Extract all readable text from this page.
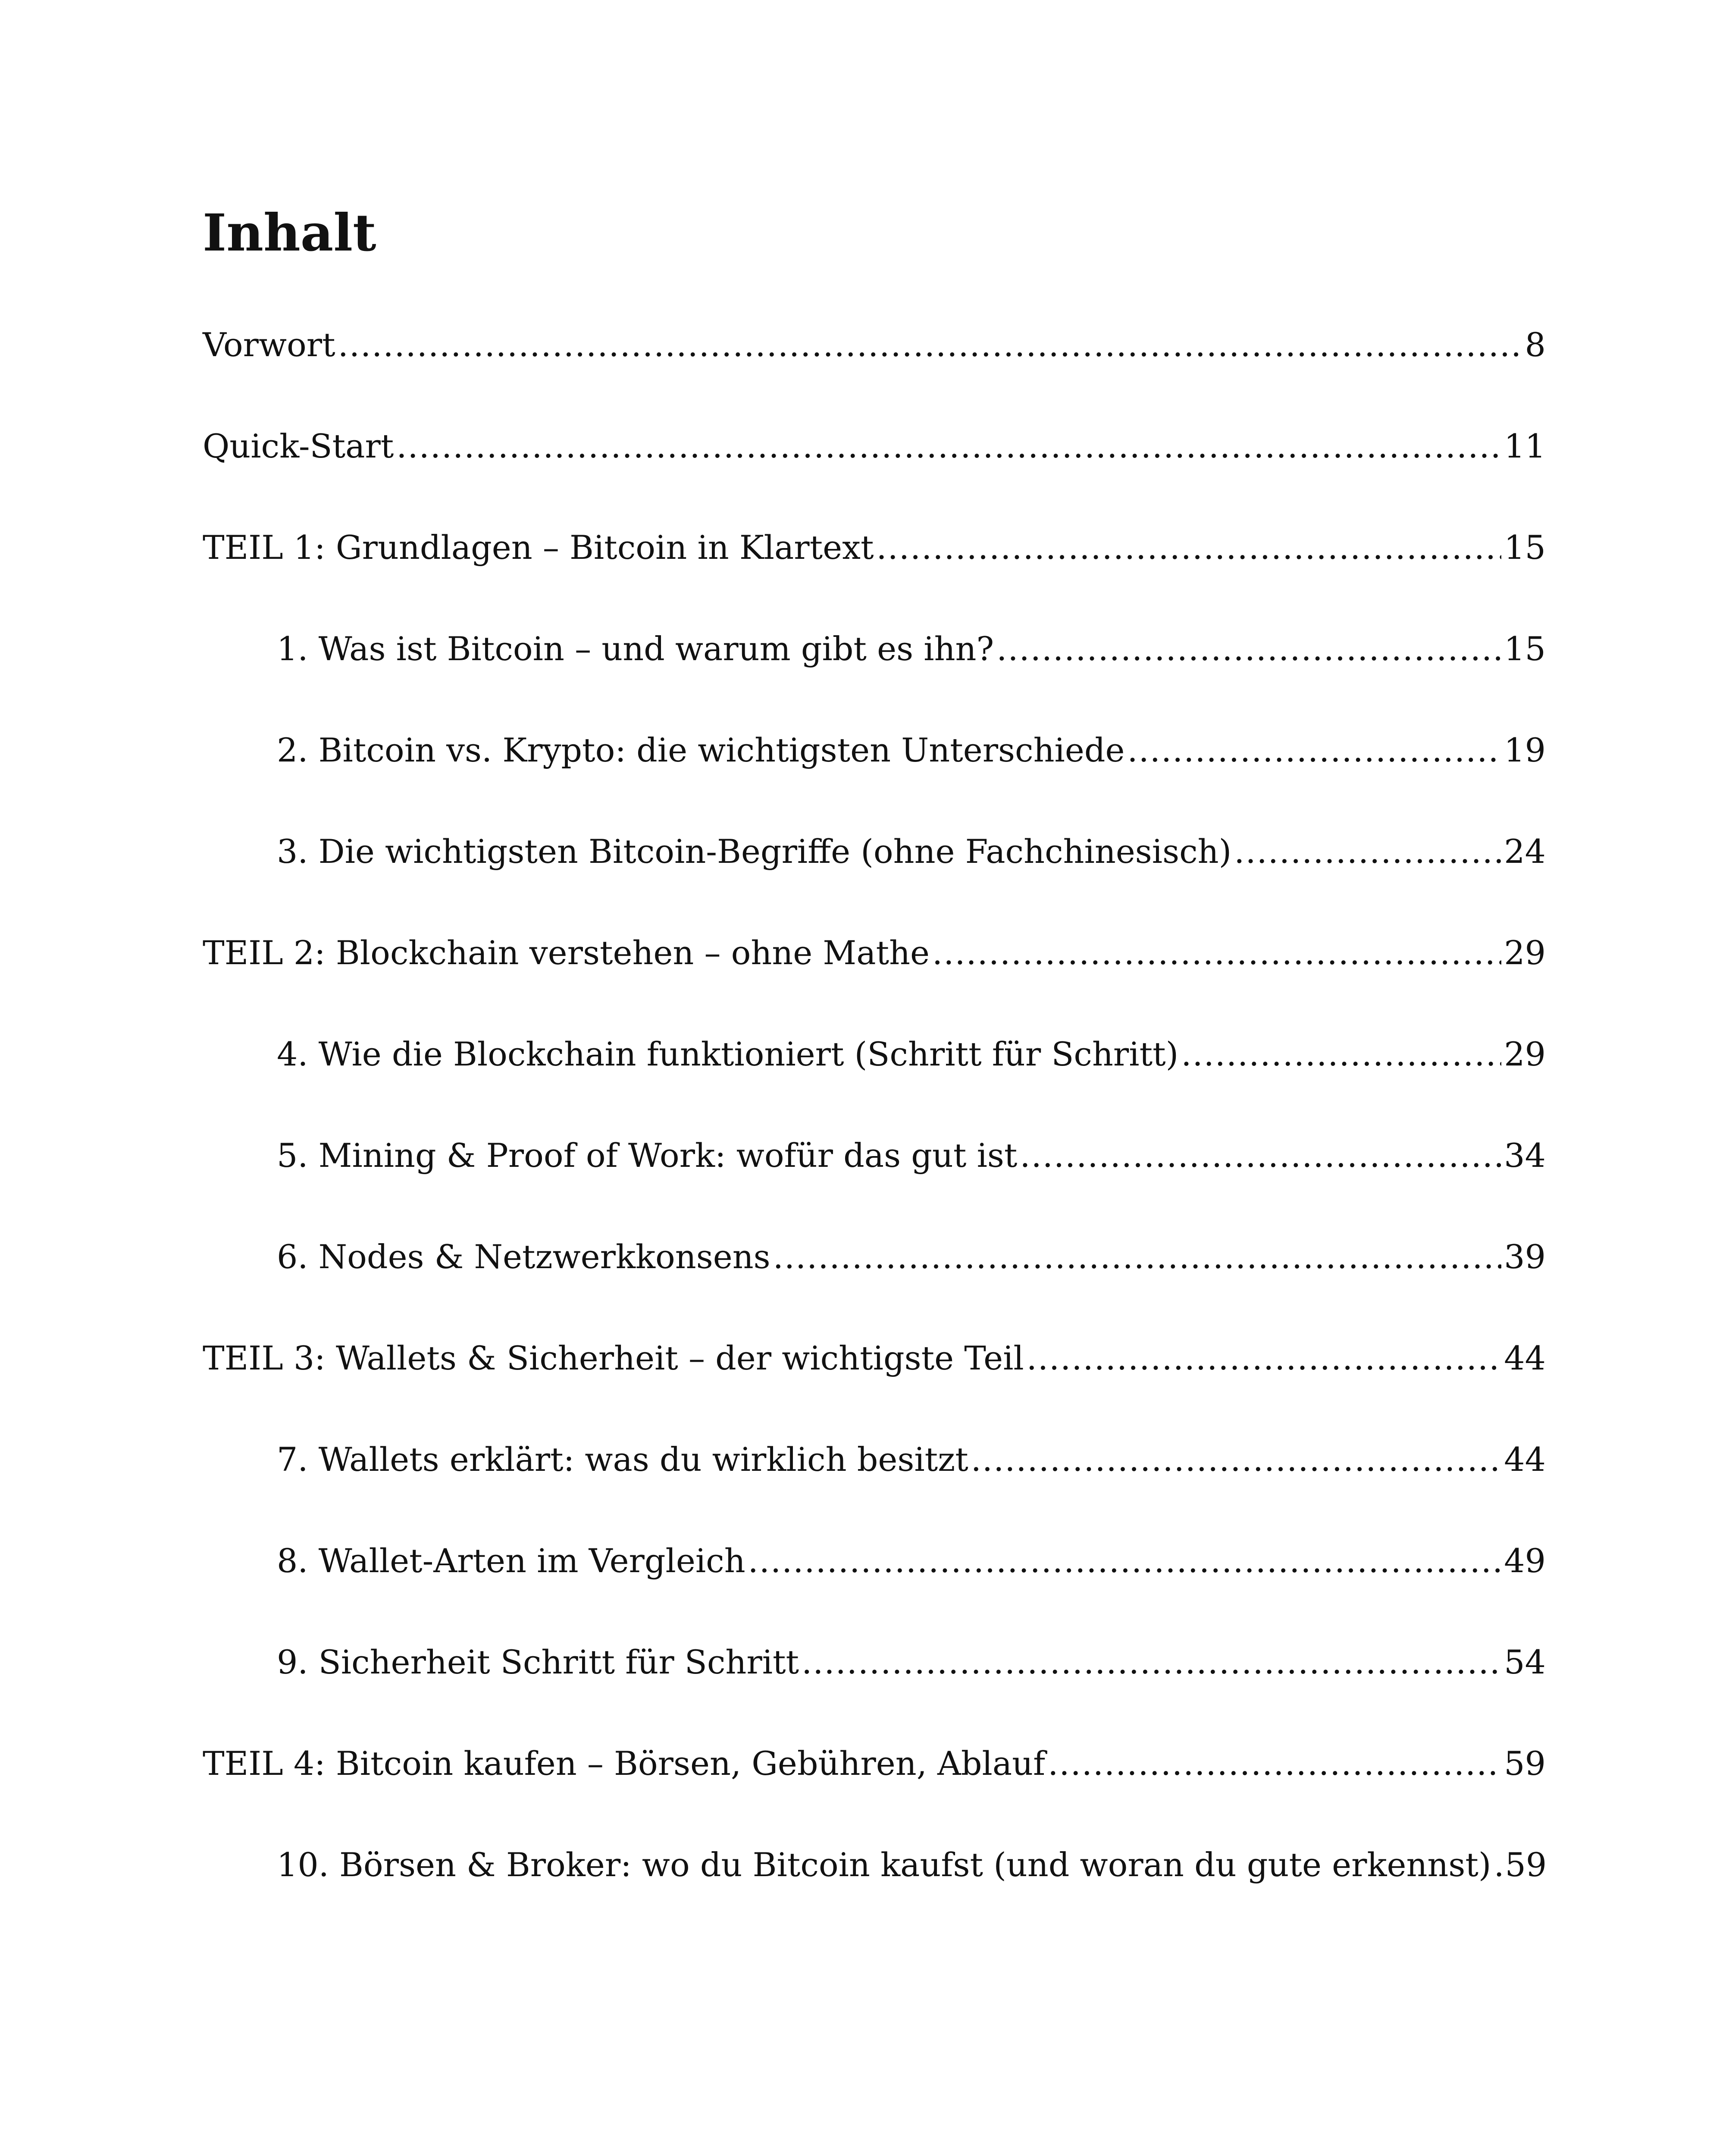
Inhalt
Vorwort .....	8
Quick-Start .....	11
TEIL 1: Grundlagen – Bitcoin in Klartext .....	15
1. Was ist Bitcoin – und warum gibt es ihn? .....	15
2. Bitcoin vs. Krypto: die wichtigsten Unterschiede .....	19
3. Die wichtigsten Bitcoin-Begriffe (ohne Fachchinesisch) .....	24
TEIL 2: Blockchain verstehen – ohne Mathe .....	29
4. Wie die Blockchain funktioniert (Schritt für Schritt) .....	29
5. Mining & Proof of Work: wofür das gut ist .....	34
6. Nodes & Netzwerkkonsens .....	39
TEIL 3: Wallets & Sicherheit – der wichtigste Teil .....	44
7. Wallets erklärt: was du wirklich besitzt .....	44
8. Wallet-Arten im Vergleich .....	49
9. Sicherheit Schritt für Schritt .....	54
TEIL 4: Bitcoin kaufen – Börsen, Gebühren, Ablauf .....	59
10. Börsen & Broker: wo du Bitcoin kaufst (und woran du gute erkennst) ..... 59
